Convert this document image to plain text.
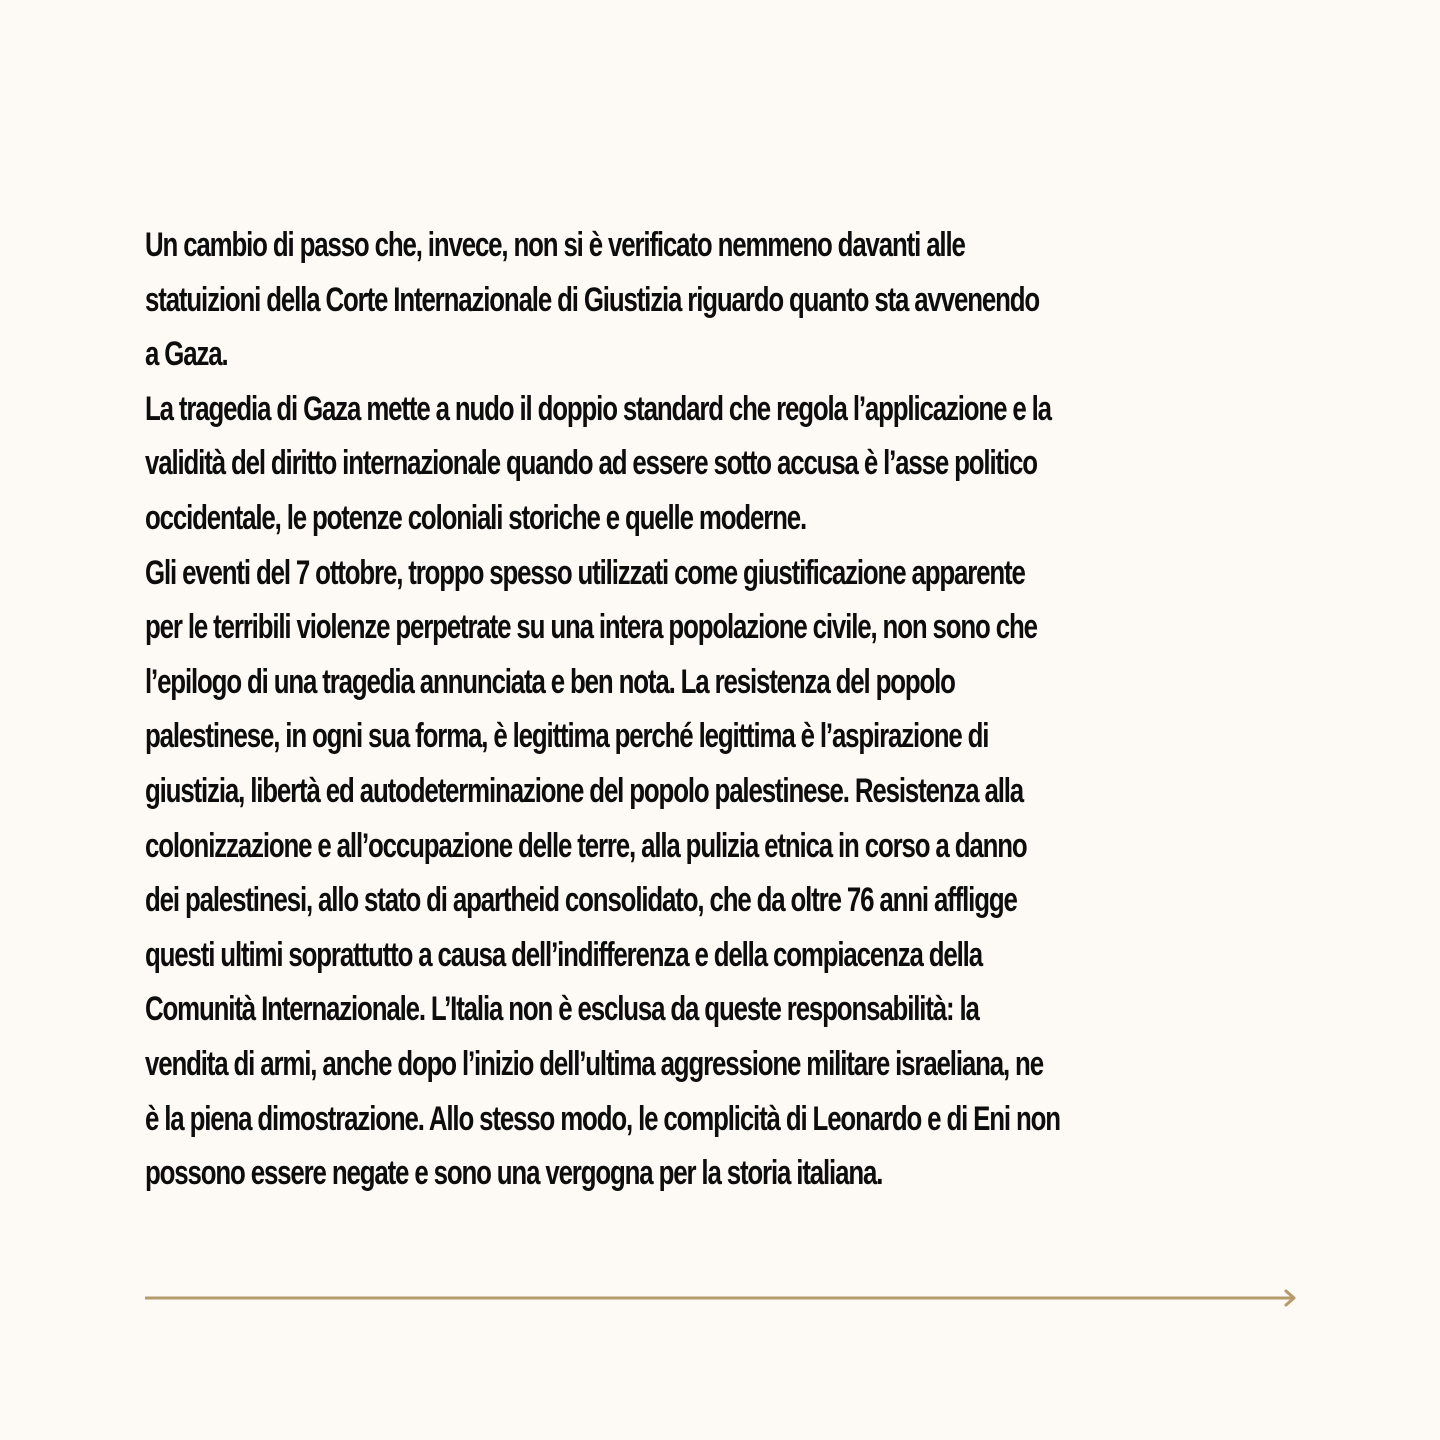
Un cambio di passo che, invece, non si è verificato nemmeno davanti alle
statuizioni della Corte Internazionale di Giustizia riguardo quanto sta avvenendo
a Gaza.
La tragedia di Gaza mette a nudo il doppio standard che regola l’applicazione e la
validità del diritto internazionale quando ad essere sotto accusa è l’asse politico
occidentale, le potenze coloniali storiche e quelle moderne.
Gli eventi del 7 ottobre, troppo spesso utilizzati come giustificazione apparente
per le terribili violenze perpetrate su una intera popolazione civile, non sono che
l’epilogo di una tragedia annunciata e ben nota. La resistenza del popolo
palestinese, in ogni sua forma, è legittima perché legittima è l’aspirazione di
giustizia, libertà ed autodeterminazione del popolo palestinese. Resistenza alla
colonizzazione e all’occupazione delle terre, alla pulizia etnica in corso a danno
dei palestinesi, allo stato di apartheid consolidato, che da oltre 76 anni affligge
questi ultimi soprattutto a causa dell’indifferenza e della compiacenza della
Comunità Internazionale. L’Italia non è esclusa da queste responsabilità: la
vendita di armi, anche dopo l’inizio dell’ultima aggressione militare israeliana, ne
è la piena dimostrazione. Allo stesso modo, le complicità di Leonardo e di Eni non
possono essere negate e sono una vergogna per la storia italiana.
